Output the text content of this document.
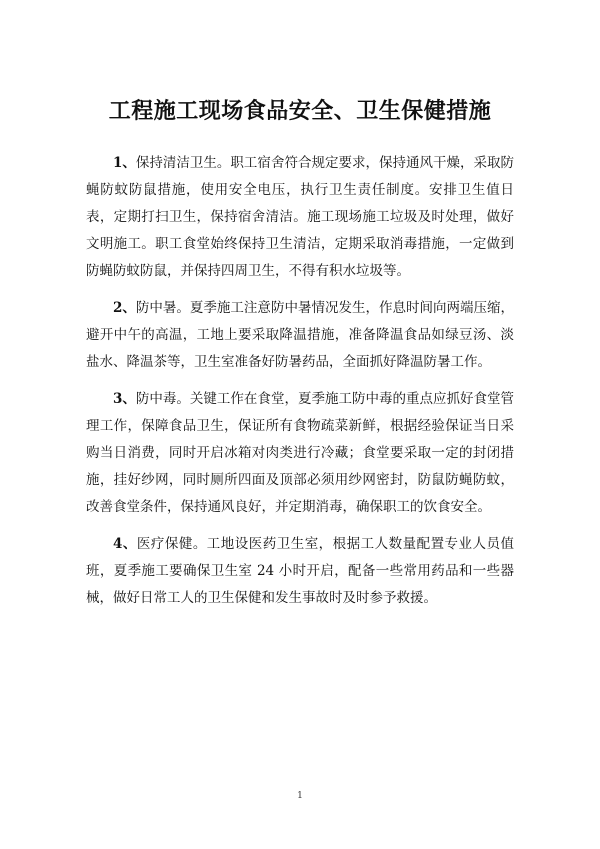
工程施工现场食品安全、卫生保健措施

1、保持清洁卫生。职工宿舍符合规定要求，保持通风干燥，采取防蝇防蚊防鼠措施，使用安全电压，执行卫生责任制度。安排卫生值日表，定期打扫卫生，保持宿舍清洁。施工现场施工垃圾及时处理，做好文明施工。职工食堂始终保持卫生清洁，定期采取消毒措施，一定做到防蝇防蚊防鼠，并保持四周卫生，不得有积水垃圾等。

2、防中暑。夏季施工注意防中暑情况发生，作息时间向两端压缩，避开中午的高温，工地上要采取降温措施，准备降温食品如绿豆汤、淡盐水、降温茶等，卫生室准备好防暑药品，全面抓好降温防暑工作。

3、防中毒。关键工作在食堂，夏季施工防中毒的重点应抓好食堂管理工作，保障食品卫生，保证所有食物疏菜新鲜，根据经验保证当日采购当日消费，同时开启冰箱对肉类进行冷藏；食堂要采取一定的封闭措施，挂好纱网，同时厕所四面及顶部必须用纱网密封，防鼠防蝇防蚊，改善食堂条件，保持通风良好，并定期消毒，确保职工的饮食安全。

4、医疗保健。工地设医药卫生室，根据工人数量配置专业人员值班，夏季施工要确保卫生室 24 小时开启，配备一些常用药品和一些器械，做好日常工人的卫生保健和发生事故时及时参予救援。

1
